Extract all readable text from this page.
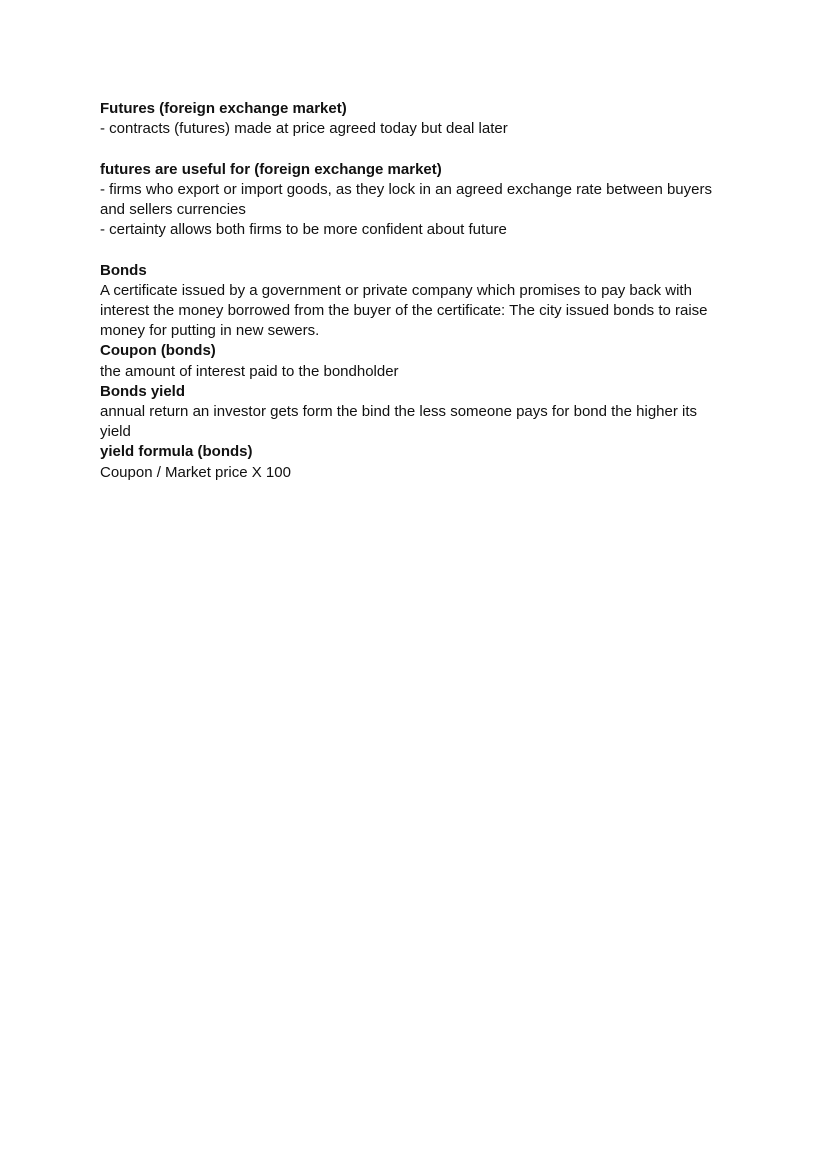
Futures (foreign exchange market)
- contracts (futures) made at price agreed today but deal later
futures are useful for (foreign exchange market)
- firms who export or import goods, as they lock in an agreed exchange rate between buyers
and sellers currencies
- certainty allows both firms to be more confident about future
Bonds
A certificate issued by a government or private company which promises to pay back with
interest the money borrowed from the buyer of the certificate: The city issued bonds to raise
money for putting in new sewers.
Coupon (bonds)
the amount of interest paid to the bondholder
Bonds yield
annual return an investor gets form the bind the less someone pays for bond the higher its
yield
yield formula (bonds)
Coupon / Market price X 100
